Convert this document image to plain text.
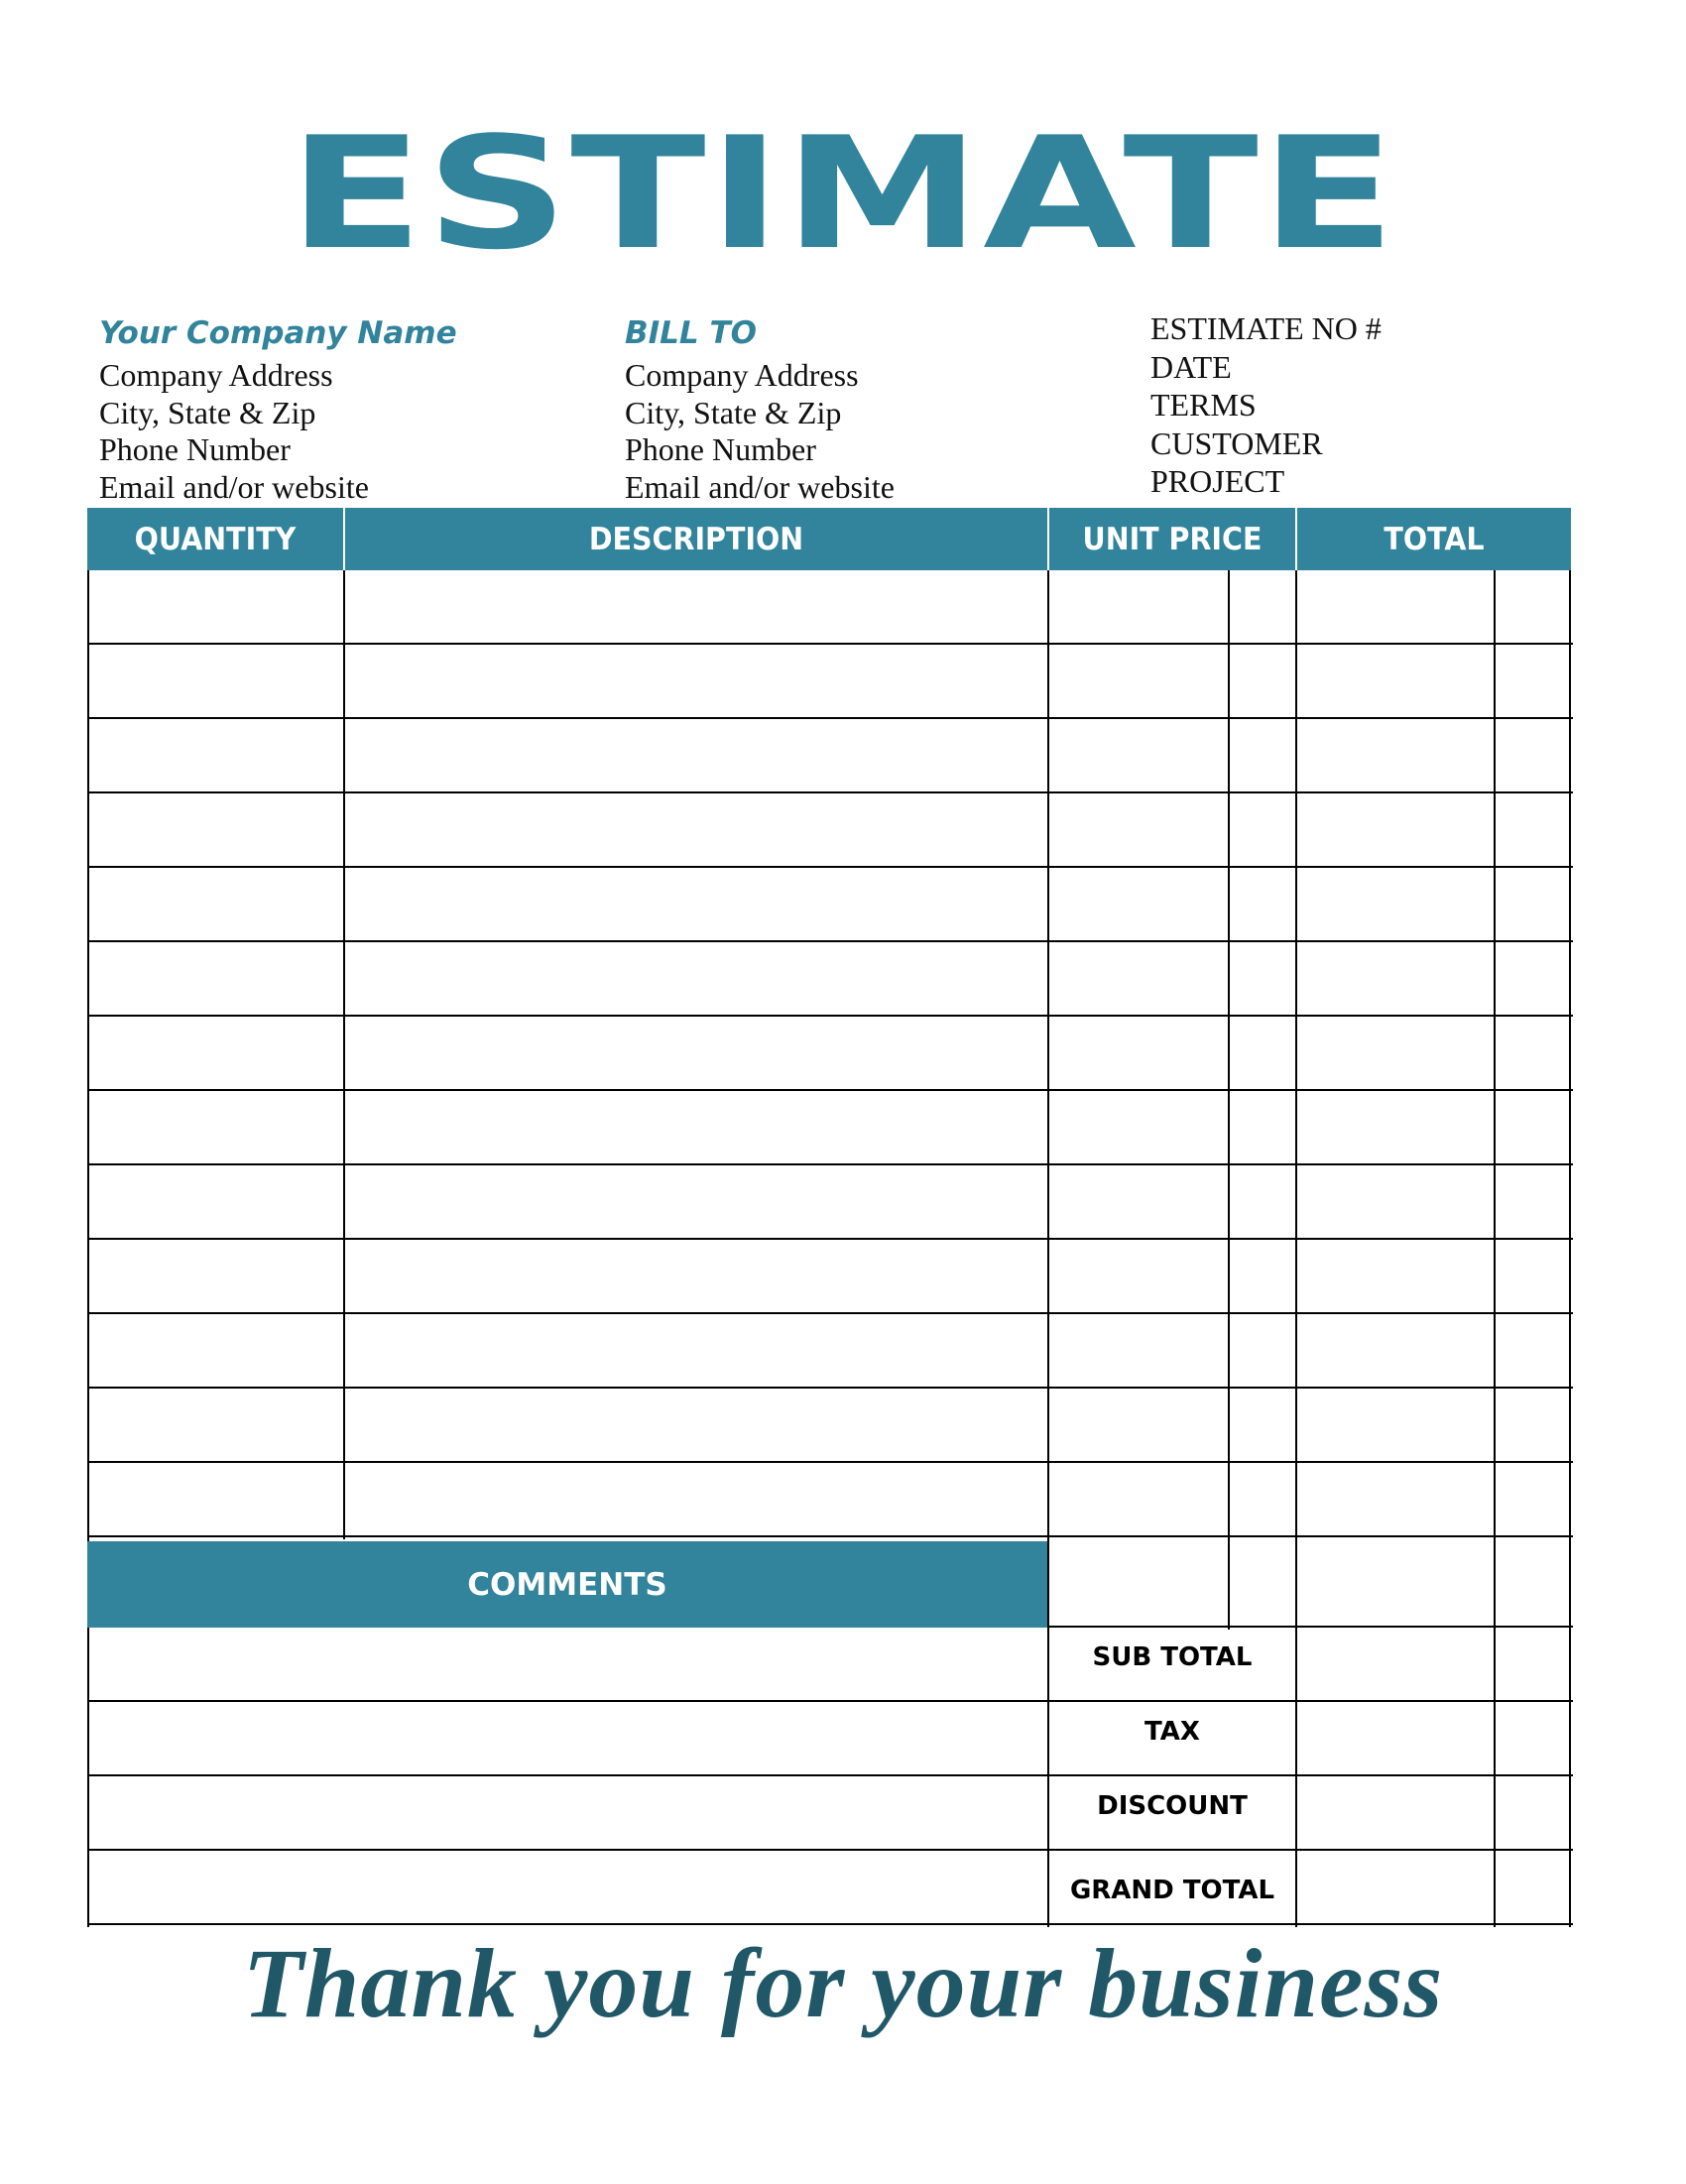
ESTIMATE
Your Company Name
Company Address
City, State & Zip
Phone Number
Email and/or website
BILL TO
Company Address
City, State & Zip
Phone Number
Email and/or website
ESTIMATE NO #
DATE
TERMS
CUSTOMER
PROJECT
QUANTITY	DESCRIPTION	UNIT PRICE	TOTAL
COMMENTS
SUB TOTAL
TAX
DISCOUNT
GRAND TOTAL
Thank you for your business
